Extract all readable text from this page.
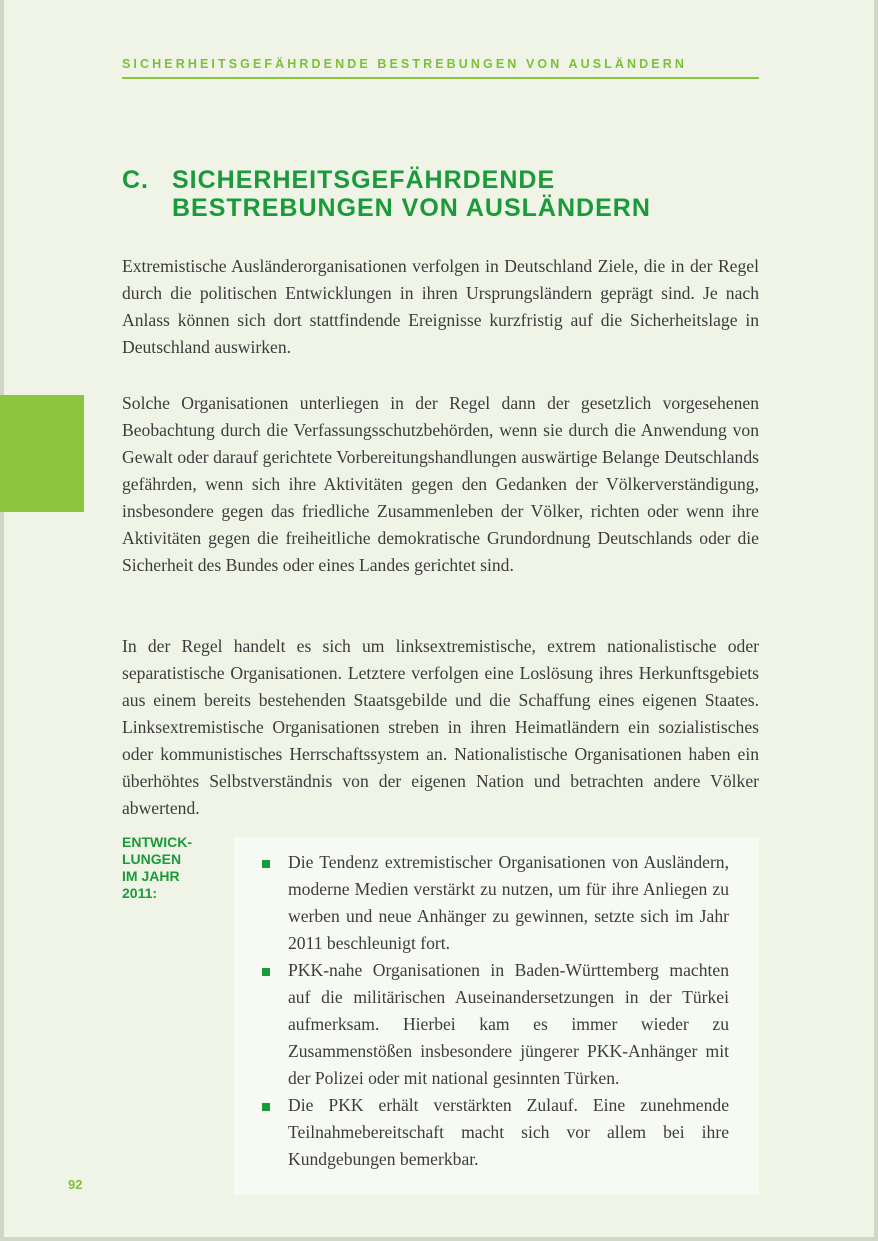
SICHERHEITSGEFÄHRDENDE BESTREBUNGEN VON AUSLÄNDERN
C. SICHERHEITSGEFÄHRDENDE
BESTREBUNGEN VON AUSLÄNDERN

Extremistische Ausländerorganisationen verfolgen in Deutschland Ziele, die in der Regel durch die politischen Entwicklungen in ihren Ursprungsländern geprägt sind. Je nach Anlass können sich dort stattfindende Ereignisse kurzfristig auf die Sicherheitslage in Deutschland auswirken.

Solche Organisationen unterliegen in der Regel dann der gesetzlich vorgesehenen Beobachtung durch die Verfassungsschutzbehörden, wenn sie durch die Anwendung von Gewalt oder darauf gerichtete Vorbereitungshandlungen auswärtige Belange Deutschlands gefährden, wenn sich ihre Aktivitäten gegen den Gedanken der Völkerverständigung, insbesondere gegen das friedliche Zusammenleben der Völker, richten oder wenn ihre Aktivitäten gegen die freiheitliche demokratische Grundordnung Deutschlands oder die Sicherheit des Bundes oder eines Landes gerichtet sind.

In der Regel handelt es sich um linksextremistische, extrem nationalistische oder separatistische Organisationen. Letztere verfolgen eine Loslösung ihres Herkunftsgebiets aus einem bereits bestehenden Staatsgebilde und die Schaffung eines eigenen Staates. Linksextremistische Organisationen streben in ihren Heimatländern ein sozialistisches oder kommunistisches Herrschaftssystem an. Nationalistische Organisationen haben ein überhöhtes Selbstverständnis von der eigenen Nation und betrachten andere Völker abwertend.

ENTWICK-
LUNGEN
IM JAHR
2011:
Die Tendenz extremistischer Organisationen von Ausländern, moderne Medien verstärkt zu nutzen, um für ihre Anliegen zu werben und neue Anhänger zu gewinnen, setzte sich im Jahr 2011 beschleunigt fort.
PKK-nahe Organisationen in Baden-Württemberg machten auf die militärischen Auseinandersetzungen in der Türkei aufmerksam. Hierbei kam es immer wieder zu Zusammenstößen insbesondere jüngerer PKK-Anhänger mit der Polizei oder mit national gesinnten Türken.
Die PKK erhält verstärkten Zulauf. Eine zunehmende Teilnahmebereitschaft macht sich vor allem bei ihre Kundgebungen bemerkbar.
92
